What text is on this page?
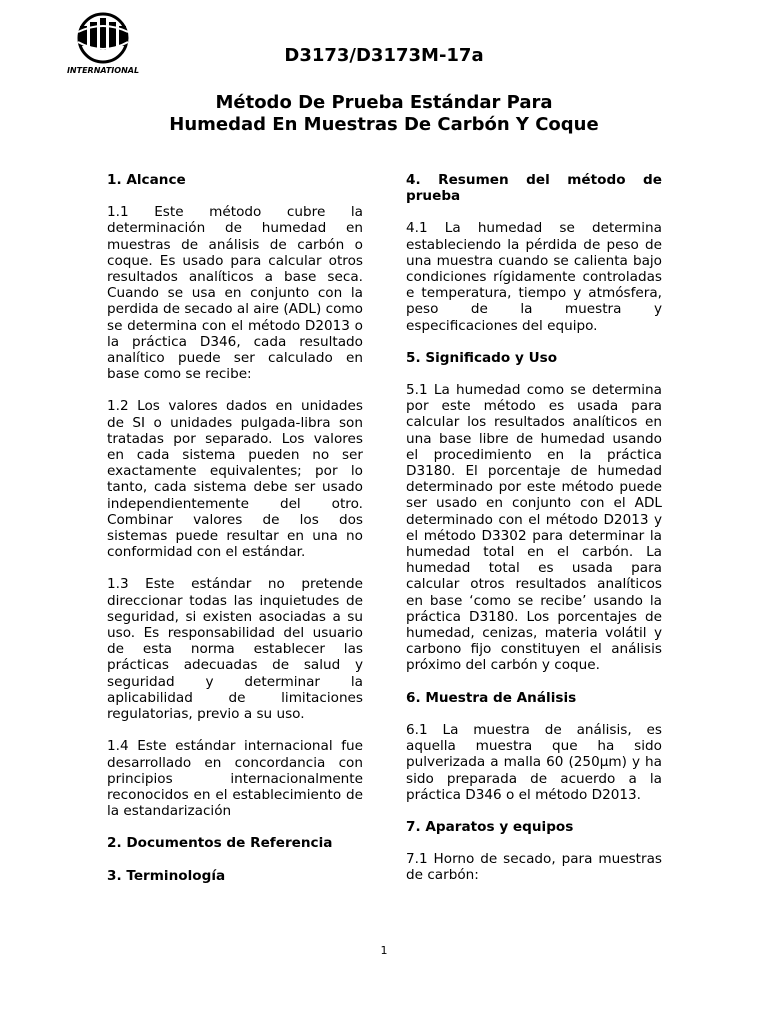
INTERNATIONAL
D3173/D3173M-17a
Método De Prueba Estándar Para
Humedad En Muestras De Carbón Y Coque
1. Alcance

1.1 Este método cubre la determinación de humedad en muestras de análisis de carbón o coque. Es usado para calcular otros resultados analíticos a base seca. Cuando se usa en conjunto con la perdida de secado al aire (ADL) como se determina con el método D2013 o la práctica D346, cada resultado analítico puede ser calculado en base como se recibe:

1.2 Los valores dados en unidades de SI o unidades pulgada-libra son tratadas por separado. Los valores en cada sistema pueden no ser exactamente equivalentes; por lo tanto, cada sistema debe ser usado independientemente del otro. Combinar valores de los dos sistemas puede resultar en una no conformidad con el estándar.

1.3 Este estándar no pretende direccionar todas las inquietudes de seguridad, si existen asociadas a su uso. Es responsabilidad del usuario de esta norma establecer las prácticas adecuadas de salud y seguridad y determinar la aplicabilidad de limitaciones regulatorias, previo a su uso.

1.4 Este estándar internacional fue desarrollado en concordancia con principios internacionalmente reconocidos en el establecimiento de la estandarización

2. Documentos de Referencia
3. Terminología
4. Resumen del método de prueba

4.1 La humedad se determina estableciendo la pérdida de peso de una muestra cuando se calienta bajo condiciones rígidamente controladas e temperatura, tiempo y atmósfera, peso de la muestra y especificaciones del equipo.

5. Significado y Uso

5.1 La humedad como se determina por este método es usada para calcular los resultados analíticos en una base libre de humedad usando el procedimiento en la práctica D3180. El porcentaje de humedad determinado por este método puede ser usado en conjunto con el ADL determinado con el método D2013 y el método D3302 para determinar la humedad total en el carbón. La humedad total es usada para calcular otros resultados analíticos en base ‘como se recibe’ usando la práctica D3180. Los porcentajes de humedad, cenizas, materia volátil y carbono fijo constituyen el análisis próximo del carbón y coque.

6. Muestra de Análisis

6.1 La muestra de análisis, es aquella muestra que ha sido pulverizada a malla 60 (250µm) y ha sido preparada de acuerdo a la práctica D346 o el método D2013.

7. Aparatos y equipos

7.1 Horno de secado, para muestras de carbón:

1
